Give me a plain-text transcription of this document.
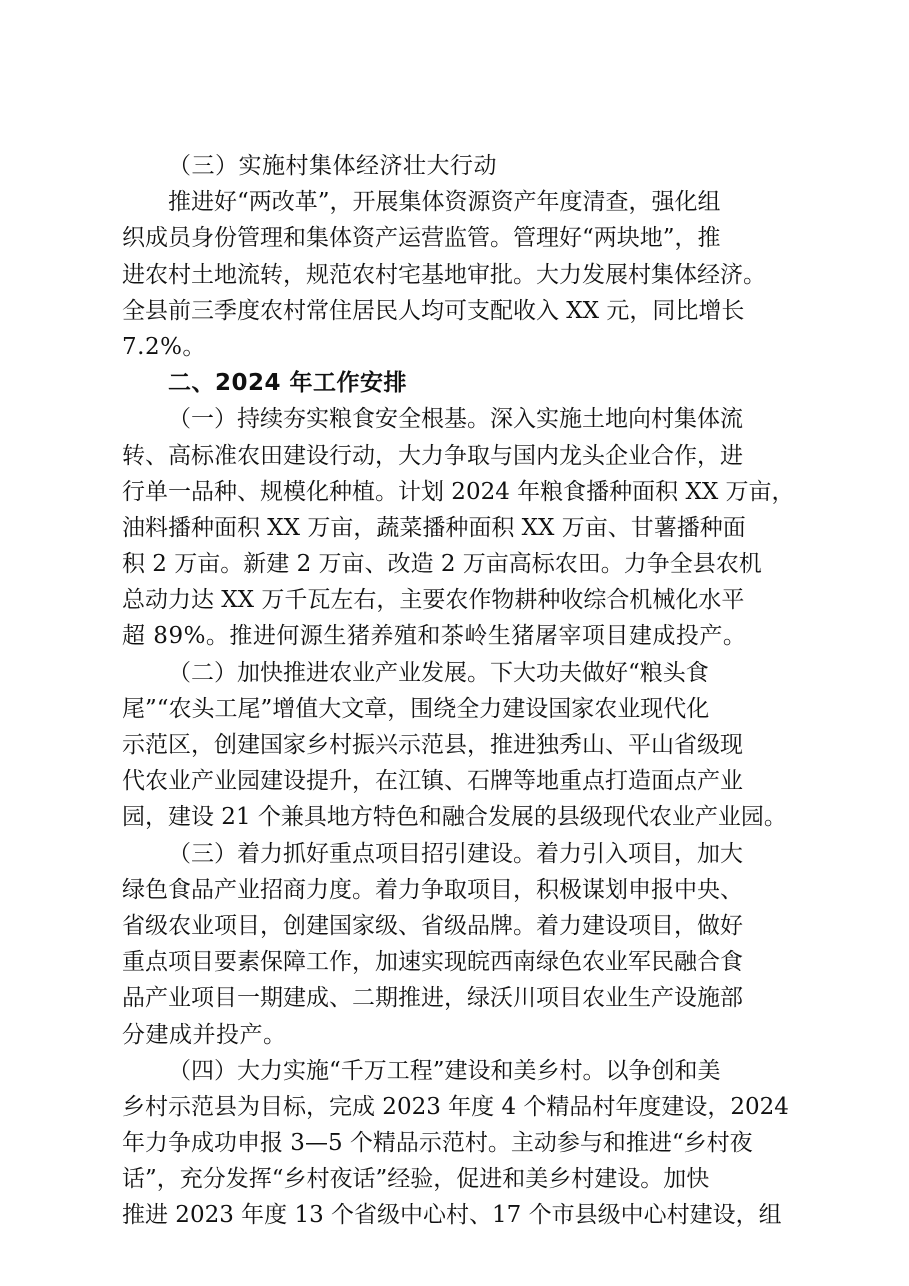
（三）实施村集体经济壮大行动
推进好“两改革”，开展集体资源资产年度清查，强化组
织成员身份管理和集体资产运营监管。管理好“两块地”，推
进农村土地流转，规范农村宅基地审批。大力发展村集体经济。
全县前三季度农村常住居民人均可支配收入 XX 元，同比增长
7.2%。
二、2024 年工作安排
（一）持续夯实粮食安全根基。深入实施土地向村集体流
转、高标准农田建设行动，大力争取与国内龙头企业合作，进
行单一品种、规模化种植。计划 2024 年粮食播种面积 XX 万亩，
油料播种面积 XX 万亩，蔬菜播种面积 XX 万亩、甘薯播种面
积 2 万亩。新建 2 万亩、改造 2 万亩高标农田。力争全县农机
总动力达 XX 万千瓦左右，主要农作物耕种收综合机械化水平
超 89%。推进何源生猪养殖和茶岭生猪屠宰项目建成投产。
（二）加快推进农业产业发展。下大功夫做好“粮头食
尾”“农头工尾”增值大文章，围绕全力建设国家农业现代化
示范区，创建国家乡村振兴示范县，推进独秀山、平山省级现
代农业产业园建设提升，在江镇、石牌等地重点打造面点产业
园，建设 21 个兼具地方特色和融合发展的县级现代农业产业园。
（三）着力抓好重点项目招引建设。着力引入项目，加大
绿色食品产业招商力度。着力争取项目，积极谋划申报中央、
省级农业项目，创建国家级、省级品牌。着力建设项目，做好
重点项目要素保障工作，加速实现皖西南绿色农业军民融合食
品产业项目一期建成、二期推进，绿沃川项目农业生产设施部
分建成并投产。
（四）大力实施“千万工程”建设和美乡村。以争创和美
乡村示范县为目标，完成 2023 年度 4 个精品村年度建设，2024
年力争成功申报 3—5 个精品示范村。主动参与和推进“乡村夜
话”，充分发挥“乡村夜话”经验，促进和美乡村建设。加快
推进 2023 年度 13 个省级中心村、17 个市县级中心村建设，组
